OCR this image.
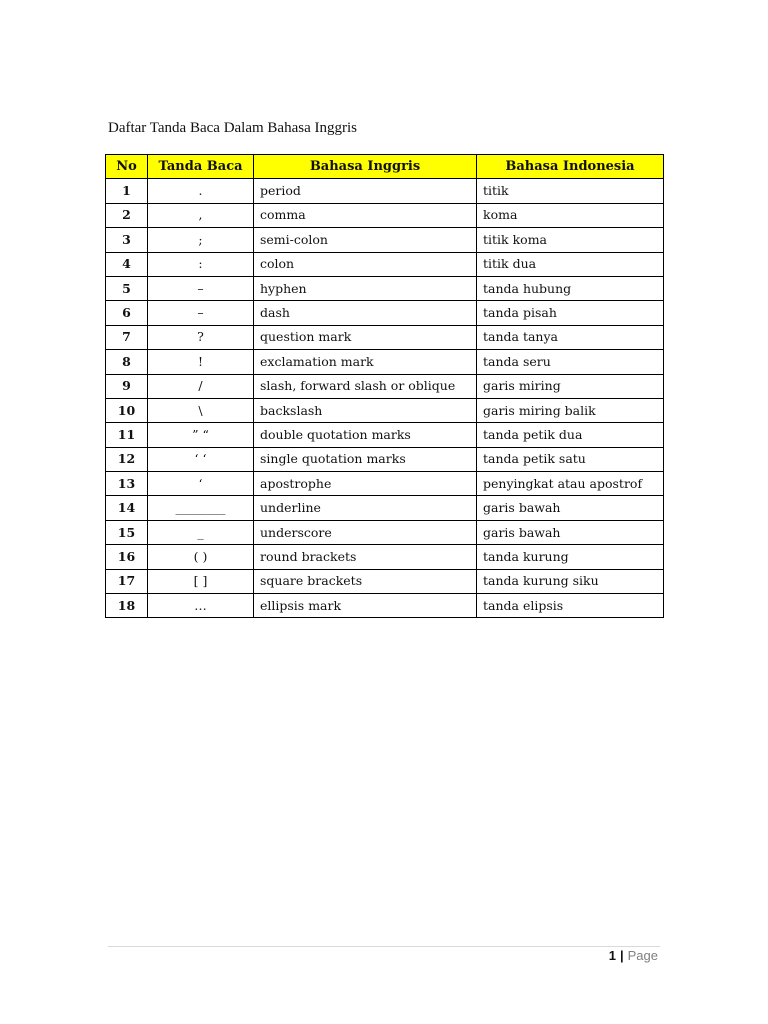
Daftar Tanda Baca Dalam Bahasa Inggris
No	Tanda Baca	Bahasa Inggris	Bahasa Indonesia
1	.	period	titik
2	,	comma	koma
3	;	semi-colon	titik koma
4	:	colon	titik dua
5	–	hyphen	tanda hubung
6	–	dash	tanda pisah
7	?	question mark	tanda tanya
8	!	exclamation mark	tanda seru
9	/	slash, forward slash or oblique	garis miring
10	\	backslash	garis miring balik
11	” “	double quotation marks	tanda petik dua
12	‘ ‘	single quotation marks	tanda petik satu
13	‘	apostrophe	penyingkat atau apostrof
14	________	underline	garis bawah
15	_	underscore	garis bawah
16	( )	round brackets	tanda kurung
17	[ ]	square brackets	tanda kurung siku
18	…	ellipsis mark	tanda elipsis
1 | Page
